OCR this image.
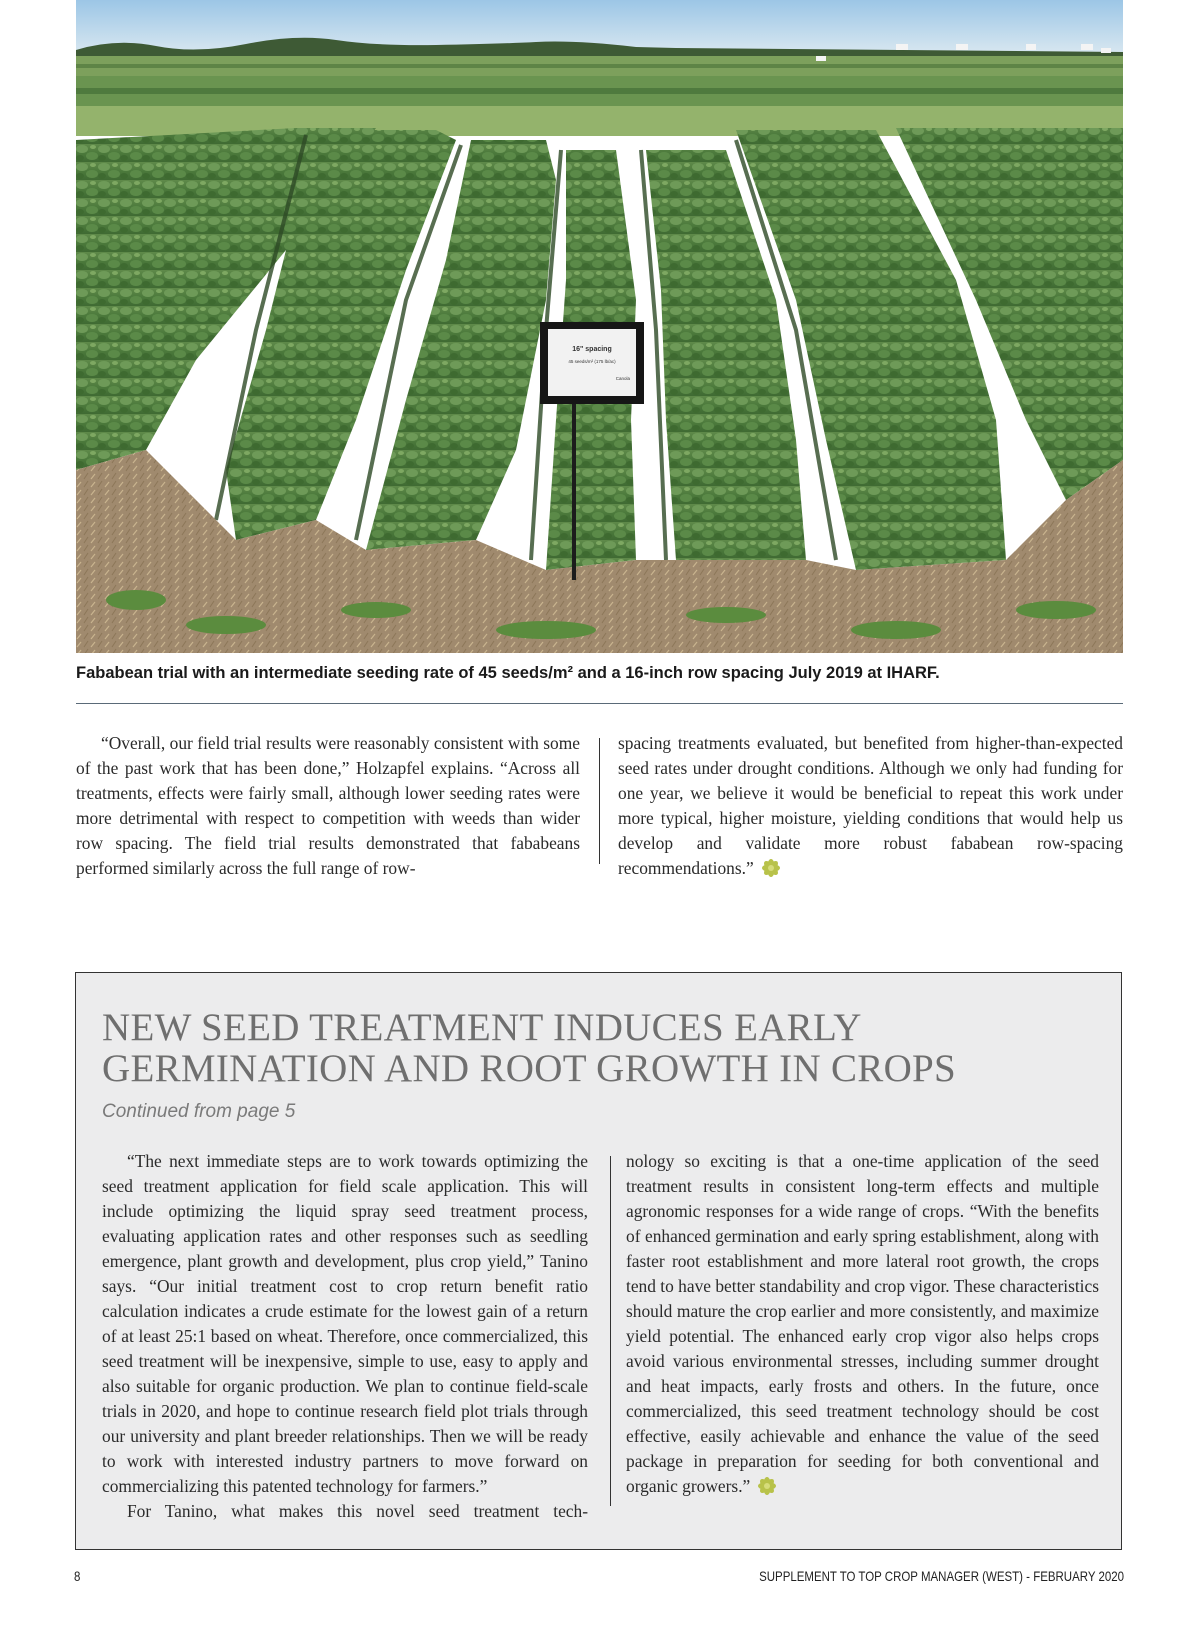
16" spacing
45 seeds/m² (175 lb/ac)
Canola

Fababean trial with an intermediate seeding rate of 45 seeds/m² and a 16-inch row spacing July 2019 at IHARF.

“Overall, our field trial results were reasonably consistent with some of the past work that has been done,” Holzapfel explains. “Across all treatments, effects were fairly small, although lower seeding rates were more detrimental with respect to competition with weeds than wider row spacing. The field trial results demonstrated that fababeans performed similarly across the full range of row-

spacing treatments evaluated, but benefited from higher-than-expected seed rates under drought conditions. Although we only had funding for one year, we believe it would be beneficial to repeat this work under more typical, higher moisture, yielding conditions that would help us develop and validate more robust fababean row-spacing recommendations.”

NEW SEED TREATMENT INDUCES EARLY
GERMINATION AND ROOT GROWTH IN CROPS

Continued from page 5

“The next immediate steps are to work towards optimizing the seed treatment application for field scale application. This will include optimizing the liquid spray seed treatment process, evaluating application rates and other responses such as seedling emergence, plant growth and development, plus crop yield,” Tanino says. “Our initial treatment cost to crop return benefit ratio calculation indicates a crude estimate for the lowest gain of a return of at least 25:1 based on wheat. Therefore, once commercialized, this seed treatment will be inexpensive, simple to use, easy to apply and also suitable for organic production. We plan to continue field-scale trials in 2020, and hope to continue research field plot trials through our university and plant breeder relationships. Then we will be ready to work with interested industry partners to move forward on commercializing this patented technology for farmers.”

For Tanino, what makes this novel seed treatment tech-

nology so exciting is that a one-time application of the seed treatment results in consistent long-term effects and multiple agronomic responses for a wide range of crops. “With the benefits of enhanced germination and early spring establishment, along with faster root establishment and more lateral root growth, the crops tend to have better standability and crop vigor. These characteristics should mature the crop earlier and more consistently, and maximize yield potential. The enhanced early crop vigor also helps crops avoid various environmental stresses, including summer drought and heat impacts, early frosts and others. In the future, once commercialized, this seed treatment technology should be cost effective, easily achievable and enhance the value of the seed package in preparation for seeding for both conventional and organic growers.”

8	SUPPLEMENT TO TOP CROP MANAGER (WEST) - FEBRUARY 2020
